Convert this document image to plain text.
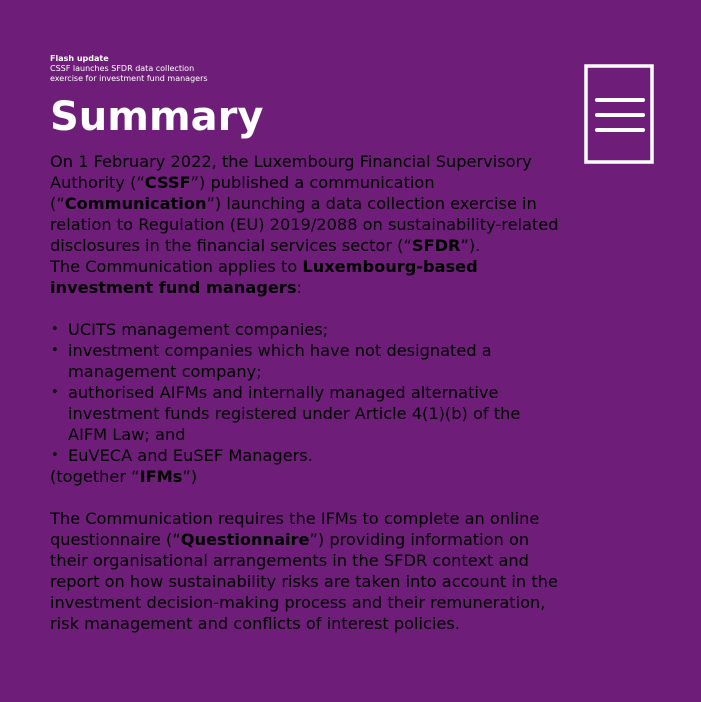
Flash update
CSSF launches SFDR data collection
exercise for investment fund managers
Summary

On 1 February 2022, the Luxembourg Financial Supervisory Authority (“CSSF”) published a communication (“Communication”) launching a data collection exercise in relation to Regulation (EU) 2019/2088 on sustainability-related disclosures in the financial services sector (“SFDR”).

The Communication applies to Luxembourg-based investment fund managers:

• UCITS management companies;
• investment companies which have not designated a management company;
• authorised AIFMs and internally managed alternative investment funds registered under Article 4(1)(b) of the AIFM Law; and
• EuVECA and EuSEF Managers.

(together “IFMs”)

The Communication requires the IFMs to complete an online questionnaire (“Questionnaire”) providing information on their organisational arrangements in the SFDR context and report on how sustainability risks are taken into account in the investment decision-making process and their remuneration, risk management and conflicts of interest policies.
